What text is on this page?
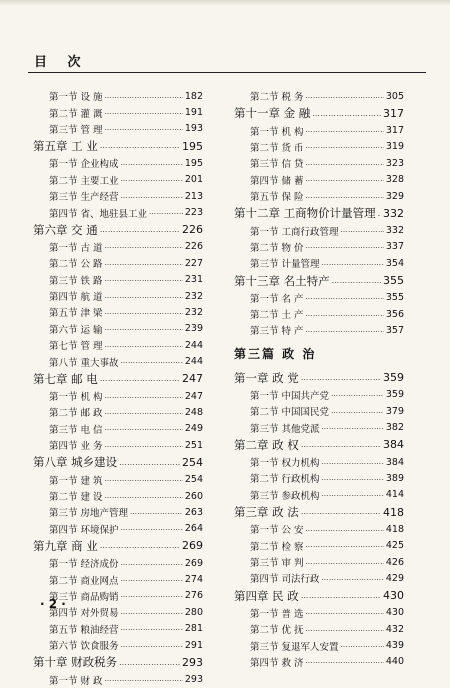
目 次
第一节 设 施 ……………………………………………………………………………………	182
第二节 灌 溉 ……………………………………………………………………………………	191
第三节 管 理 ……………………………………………………………………………………	193
第五章 工 业 ……………………………………………………………………………………	195
第一节 企业构成 ……………………………………………………………………………………	195
第二节 主要工业 ……………………………………………………………………………………	201
第三节 生产经营 ……………………………………………………………………………………	213
第四节 省、地驻县工业 ……………………………………………………………………………………	223
第六章 交 通 ……………………………………………………………………………………	226
第一节 古 道 ……………………………………………………………………………………	226
第二节 公 路 ……………………………………………………………………………………	227
第三节 铁 路 ……………………………………………………………………………………	231
第四节 航 道 ……………………………………………………………………………………	232
第五节 津 梁 ……………………………………………………………………………………	232
第六节 运 输 ……………………………………………………………………………………	239
第七节 管 理 ……………………………………………………………………………………	244
第八节 重大事故 ……………………………………………………………………………………	244
第七章 邮 电 ……………………………………………………………………………………	247
第一节 机 构 ……………………………………………………………………………………	247
第二节 邮 政 ……………………………………………………………………………………	248
第三节 电 信 ……………………………………………………………………………………	249
第四节 业 务 ……………………………………………………………………………………	251
第八章 城乡建设 ……………………………………………………………………………………	254
第一节 建 筑 ……………………………………………………………………………………	254
第二节 建 设 ……………………………………………………………………………………	260
第三节 房地产管理 ……………………………………………………………………………………	263
第四节 环境保护 ……………………………………………………………………………………	264
第九章 商 业 ……………………………………………………………………………………	269
第一节 经济成份 ……………………………………………………………………………………	269
第二节 商业网点 ……………………………………………………………………………………	274
第三节 商品购销 ……………………………………………………………………………………	276
第四节 对外贸易 ……………………………………………………………………………………	280
第五节 粮油经营 ……………………………………………………………………………………	281
第六节 饮食服务 ……………………………………………………………………………………	291
第十章 财政税务 ……………………………………………………………………………………	293
第一节 财 政 ……………………………………………………………………………………	293
第二节 税 务 ……………………………………………………………………………………	305
第十一章 金 融 ……………………………………………………………………………………	317
第一节 机 构 ……………………………………………………………………………………	317
第二节 货 币 ……………………………………………………………………………………	319
第三节 信 贷 ……………………………………………………………………………………	323
第四节 储 蓄 ……………………………………………………………………………………	328
第五节 保 险 ……………………………………………………………………………………	329
第十二章 工商物价计量管理 …………………………………………………………………………………… 332
第一节 工商行政管理 ……………………………………………………………………………………	332
第二节 物 价 ……………………………………………………………………………………	337
第三节 计量管理 ……………………………………………………………………………………	354
第十三章 名土特产 ……………………………………………………………………………………	355
第一节 名 产 ……………………………………………………………………………………	355
第二节 土 产 ……………………………………………………………………………………	356
第三节 特 产 ……………………………………………………………………………………	357
第三篇 政 治
第一章 政 党 ……………………………………………………………………………………	359
第一节 中国共产党 ……………………………………………………………………………………	359
第二节 中国国民党 ……………………………………………………………………………………	379
第三节 其他党派 ……………………………………………………………………………………	382
第二章 政 权 ……………………………………………………………………………………	384
第一节 权力机构 ……………………………………………………………………………………	384
第二节 行政机构 ……………………………………………………………………………………	389
第三节 参政机构 ……………………………………………………………………………………	414
第三章 政 法 ……………………………………………………………………………………	418
第一节 公 安 ……………………………………………………………………………………	418
第二节 检 察 ……………………………………………………………………………………	425
第三节 审 判 ……………………………………………………………………………………	426
第四节 司法行政 ……………………………………………………………………………………	429
第四章 民 政 ……………………………………………………………………………………	430
第一节 普 选 ……………………………………………………………………………………	430
第二节 优 抚 ……………………………………………………………………………………	432
第三节 复退军人安置 ……………………………………………………………………………………	439
第四节 救 济 ……………………………………………………………………………………	440
· 2 ·
